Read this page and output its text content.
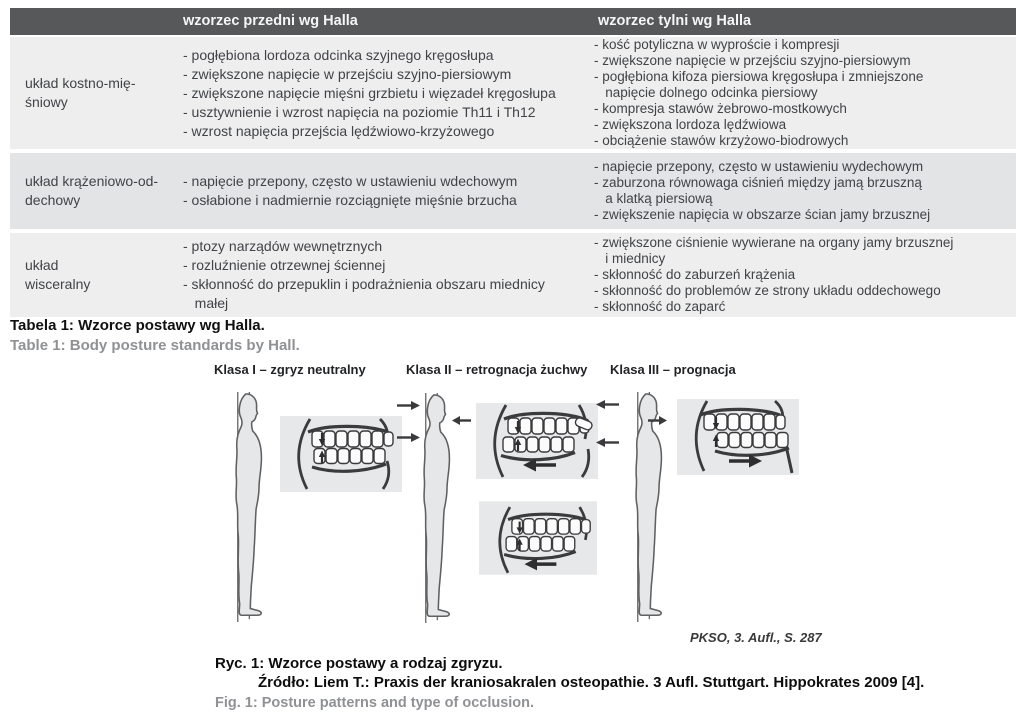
wzorzec przedni wg Halla	wzorzec tylni wg Halla
układ kostno-mię-
śniowy
- pogłębiona lordoza odcinka szyjnego kręgosłupa
- zwiększone napięcie w przejściu szyjno-piersiowym
- zwiększone napięcie mięśni grzbietu i więzadeł kręgosłupa
- usztywnienie i wzrost napięcia na poziomie Th11 i Th12
- wzrost napięcia przejścia lędźwiowo-krzyżowego
- kość potyliczna w wyproście i kompresji
- zwiększone napięcie w przejściu szyjno-piersiowym
- pogłębiona kifoza piersiowa kręgosłupa i zmniejszone
napięcie dolnego odcinka piersiowy
- kompresja stawów żebrowo-mostkowych
- zwiększona lordoza lędźwiowa
- obciążenie stawów krzyżowo-biodrowych
układ krążeniowo-od-
dechowy
- napięcie przepony, często w ustawieniu wdechowym
- osłabione i nadmiernie rozciągnięte mięśnie brzucha
- napięcie przepony, często w ustawieniu wydechowym
- zaburzona równowaga ciśnień między jamą brzuszną
a klatką piersiową
- zwiększenie napięcia w obszarze ścian jamy brzusznej
układ
wisceralny
- ptozy narządów wewnętrznych
- rozluźnienie otrzewnej ściennej
- skłonność do przepuklin i podrażnienia obszaru miednicy
małej
- zwiększone ciśnienie wywierane na organy jamy brzusznej
i miednicy
- skłonność do zaburzeń krążenia
- skłonność do problemów ze strony układu oddechowego
- skłonność do zaparć
Tabela 1: Wzorce postawy wg Halla.
Table 1: Body posture standards by Hall.
Klasa I – zgryz neutralny	Klasa II – retrognacja żuchwy Klasa III – prognacja
PKSO, 3. Aufl., S. 287
Ryc. 1: Wzorce postawy a rodzaj zgryzu.
Źródło: Liem T.: Praxis der kraniosakralen osteopathie. 3 Aufl. Stuttgart. Hippokrates 2009 [4].
Fig. 1: Posture patterns and type of occlusion.
